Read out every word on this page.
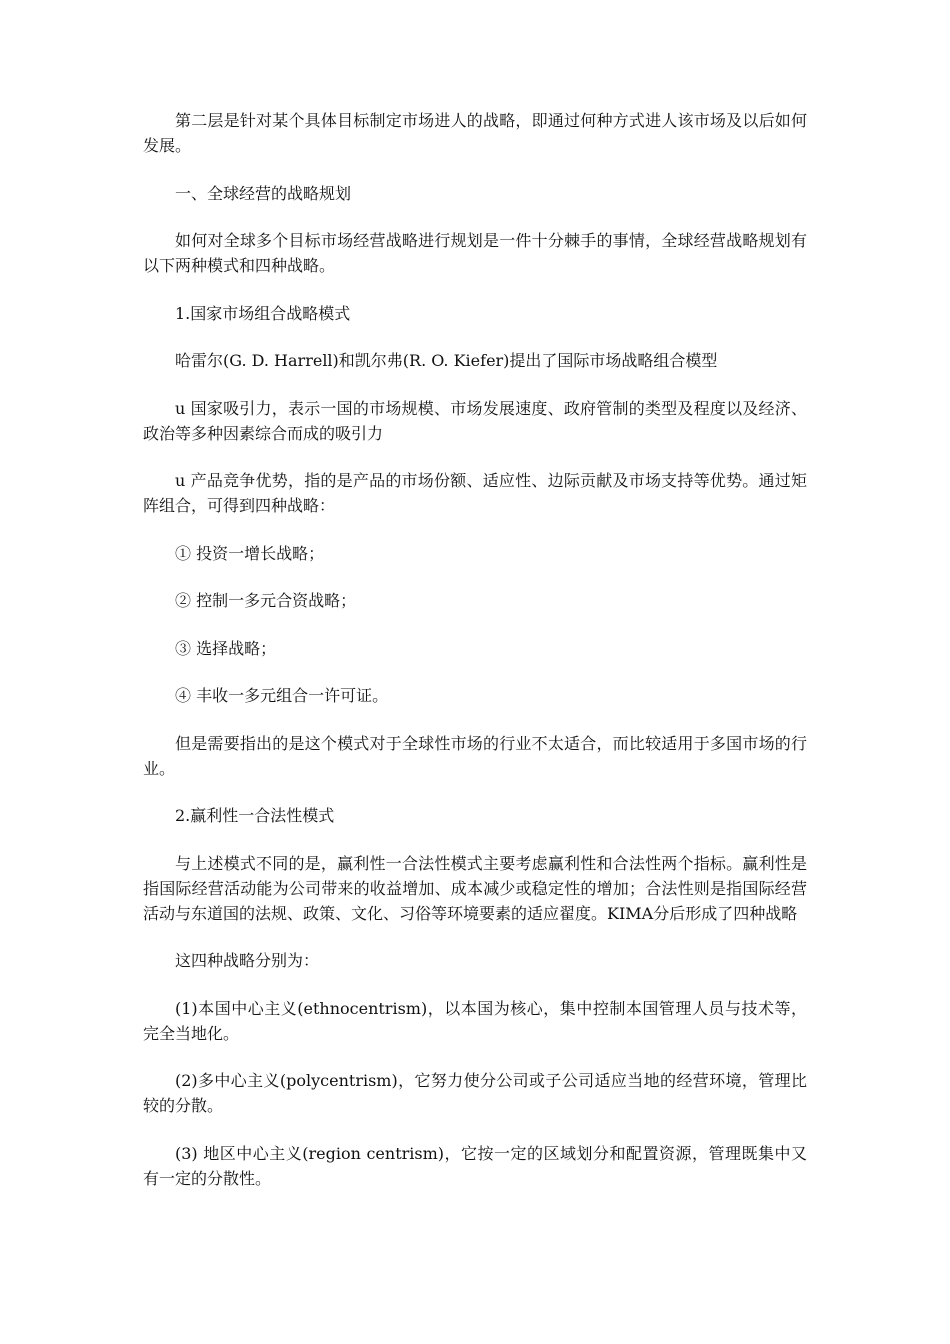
第二层是针对某个具体目标制定市场进人的战略，即通过何种方式进人该市场及以后如何发展。

一、全球经营的战略规划

如何对全球多个目标市场经营战略进行规划是一件十分棘手的事情，全球经营战略规划有以下两种模式和四种战略。

1.国家市场组合战略模式

哈雷尔(G. D. Harrell)和凯尔弗(R. O. Kiefer)提出了国际市场战略组合模型

u 国家吸引力，表示一国的市场规模、市场发展速度、政府管制的类型及程度以及经济、政治等多种因素综合而成的吸引力

u 产品竞争优势，指的是产品的市场份额、适应性、边际贡献及市场支持等优势。通过矩阵组合，可得到四种战略：

① 投资一增长战略；

② 控制一多元合资战略；

③ 选择战略；

④ 丰收一多元组合一许可证。

但是需要指出的是这个模式对于全球性市场的行业不太适合，而比较适用于多国市场的行业。

2.赢利性一合法性模式

与上述模式不同的是，赢利性一合法性模式主要考虑赢利性和合法性两个指标。赢利性是指国际经营活动能为公司带来的收益增加、成本减少或稳定性的增加；合法性则是指国际经营活动与东道国的法规、政策、文化、习俗等环境要素的适应翟度。KIMA分后形成了四种战略

这四种战略分别为：

(1)本国中心主义(ethnocentrism)，以本国为核心，集中控制本国管理人员与技术等，完全当地化。

(2)多中心主义(polycentrism)，它努力使分公司或子公司适应当地的经营环境，管理比较的分散。

(3) 地区中心主义(region centrism)，它按一定的区域划分和配置资源，管理既集中又有一定的分散性。
